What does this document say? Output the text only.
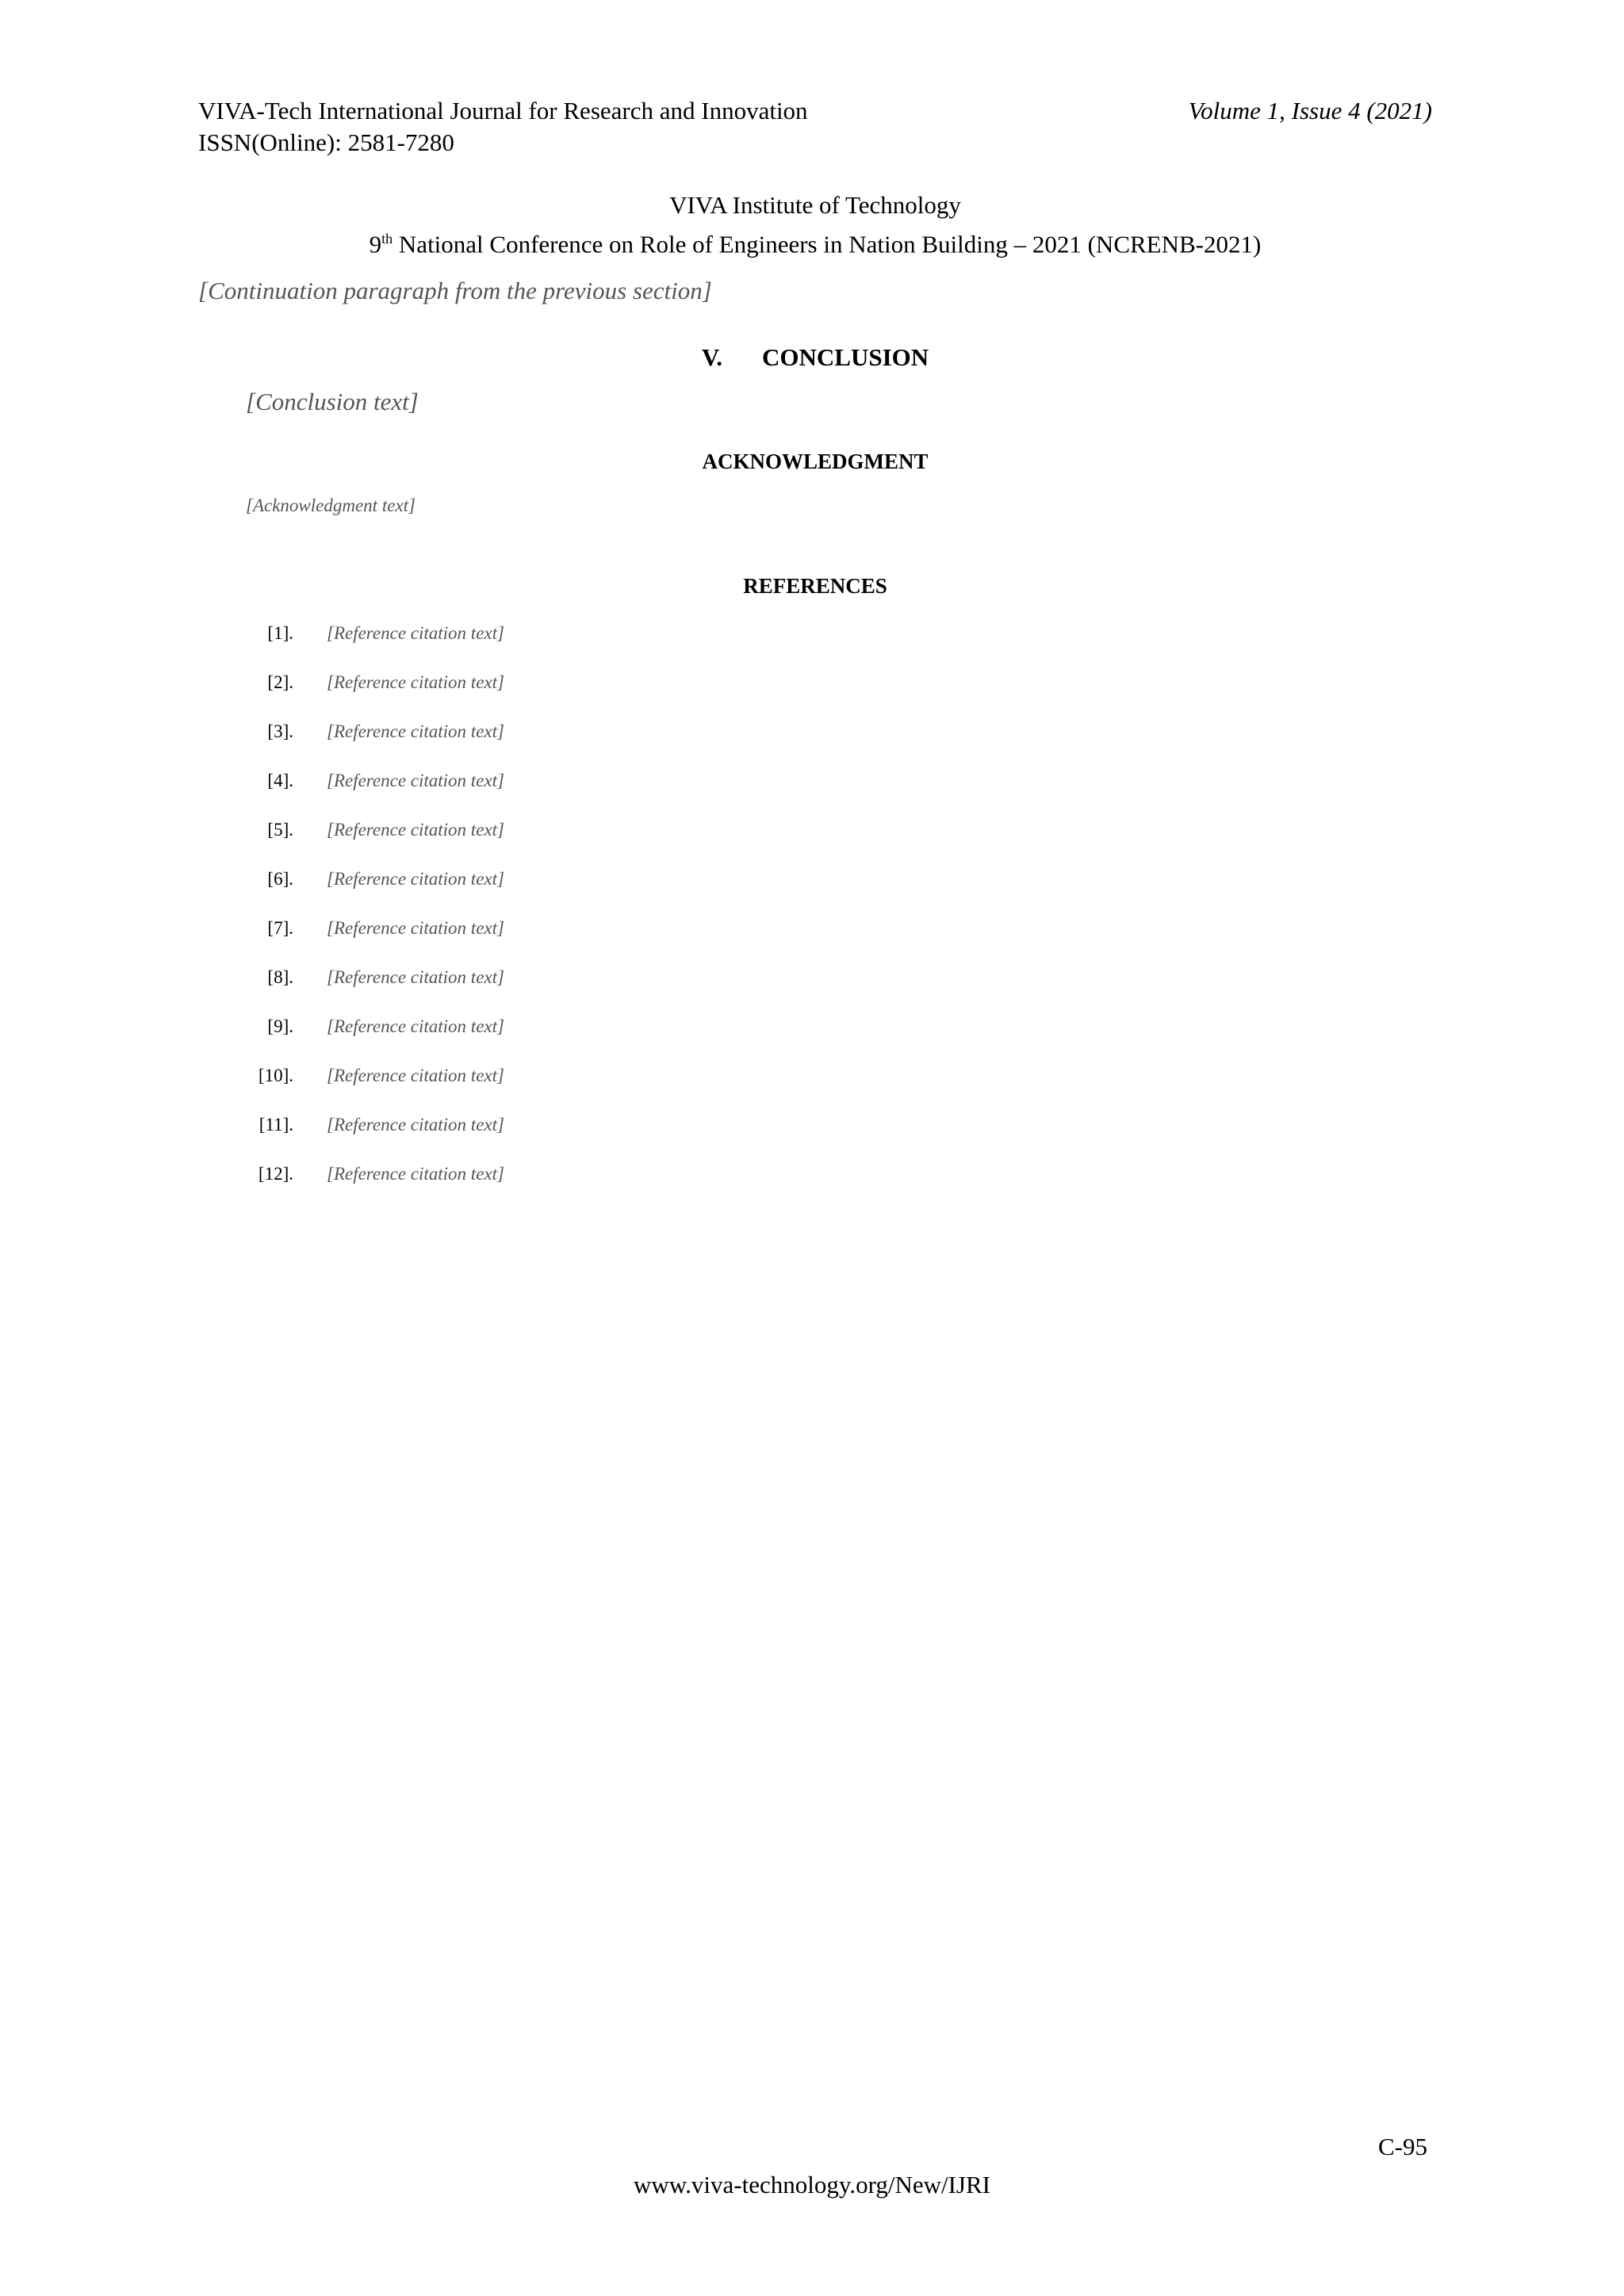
VIVA-Tech International Journal for Research and Innovation
ISSN(Online): 2581-7280
Volume 1, Issue 4 (2021)
VIVA Institute of Technology
9th National Conference on Role of Engineers in Nation Building – 2021 (NCRENB-2021)

[Continuation paragraph from the previous section]

V. CONCLUSION

[Conclusion text]

ACKNOWLEDGMENT

[Acknowledgment text]

REFERENCES
[1].	[Reference citation text]
[2].	[Reference citation text]
[3].	[Reference citation text]
[4].	[Reference citation text]
[5].	[Reference citation text]
[6].	[Reference citation text]
[7].	[Reference citation text]
[8].	[Reference citation text]
[9].	[Reference citation text]
[10].	[Reference citation text]
[11].	[Reference citation text]
[12].	[Reference citation text]
C-95
www.viva-technology.org/New/IJRI
